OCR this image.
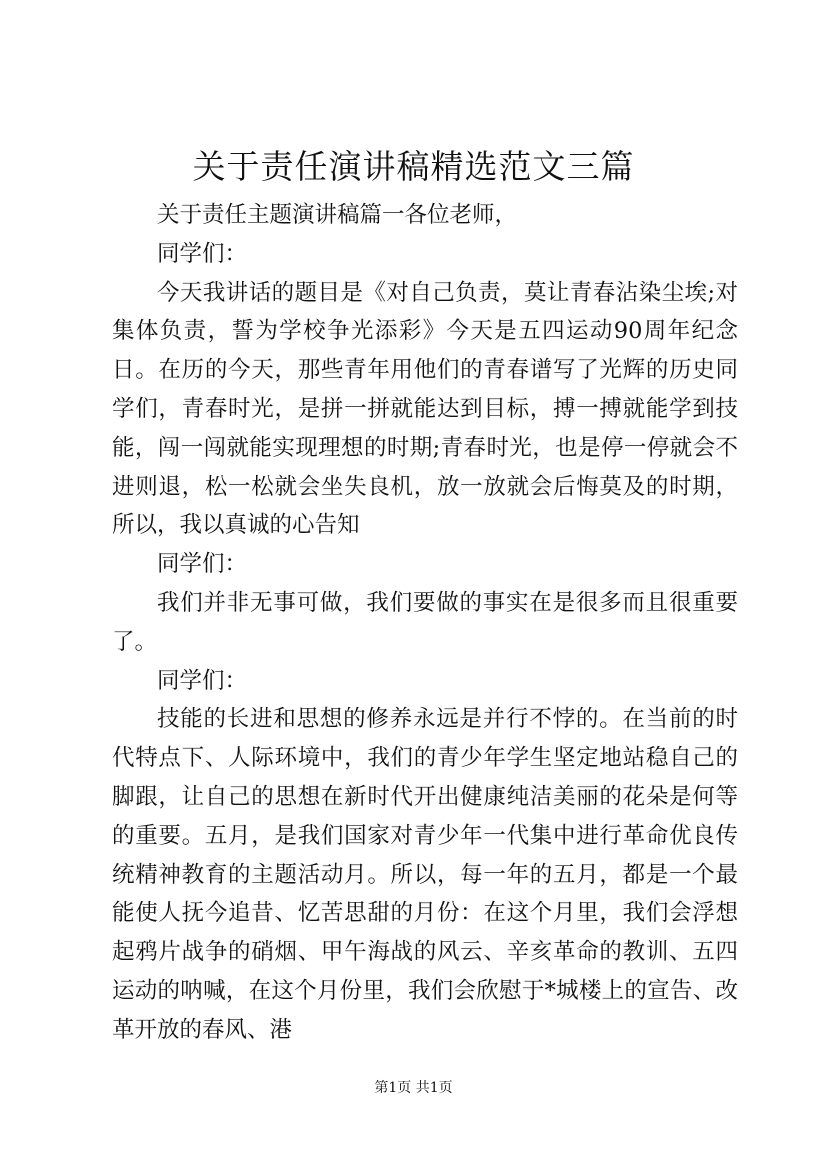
关于责任演讲稿精选范文三篇

关于责任主题演讲稿篇一各位老师，

同学们：

今天我讲话的题目是《对自己负责，莫让青春沾染尘埃;对集体负责，誓为学校争光添彩》今天是五四运动90周年纪念日。在历的今天，那些青年用他们的青春谱写了光辉的历史同学们，青春时光，是拼一拼就能达到目标，搏一搏就能学到技能，闯一闯就能实现理想的时期;青春时光，也是停一停就会不进则退，松一松就会坐失良机，放一放就会后悔莫及的时期，所以，我以真诚的心告知

同学们：

我们并非无事可做，我们要做的事实在是很多而且很重要了。

同学们：

技能的长进和思想的修养永远是并行不悖的。在当前的时代特点下、人际环境中，我们的青少年学生坚定地站稳自己的脚跟，让自己的思想在新时代开出健康纯洁美丽的花朵是何等的重要。五月，是我们国家对青少年一代集中进行革命优良传统精神教育的主题活动月。所以，每一年的五月，都是一个最能使人抚今追昔、忆苦思甜的月份：在这个月里，我们会浮想起鸦片战争的硝烟、甲午海战的风云、辛亥革命的教训、五四运动的呐喊，在这个月份里，我们会欣慰于*城楼上的宣告、改革开放的春风、港

第1页 共1页
